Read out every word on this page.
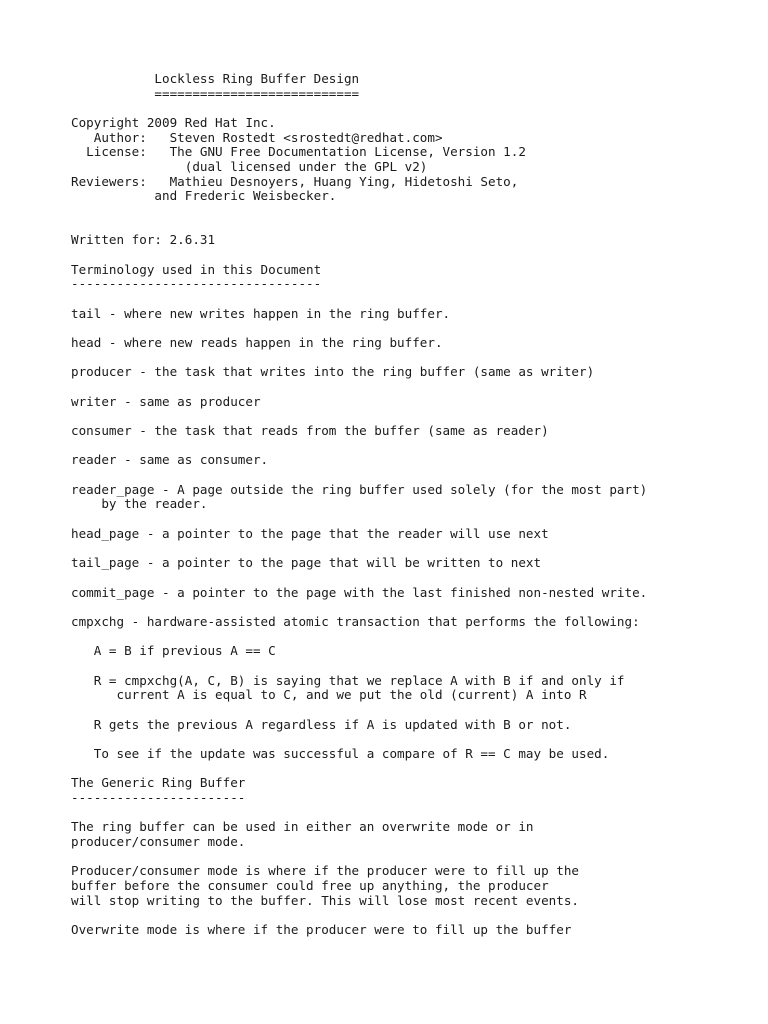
Lockless Ring Buffer Design
===========================
Copyright 2009 Red Hat Inc.
Author:   Steven Rostedt <srostedt@redhat.com>
License:   The GNU Free Documentation License, Version 1.2
(dual licensed under the GPL v2)
Reviewers:   Mathieu Desnoyers, Huang Ying, Hidetoshi Seto,
and Frederic Weisbecker.
Written for: 2.6.31
Terminology used in this Document
---------------------------------
tail - where new writes happen in the ring buffer.
head - where new reads happen in the ring buffer.
producer - the task that writes into the ring buffer (same as writer)
writer - same as producer
consumer - the task that reads from the buffer (same as reader)
reader - same as consumer.
reader_page - A page outside the ring buffer used solely (for the most part)
by the reader.
head_page - a pointer to the page that the reader will use next
tail_page - a pointer to the page that will be written to next
commit_page - a pointer to the page with the last finished non-nested write.
cmpxchg - hardware-assisted atomic transaction that performs the following:
A = B if previous A == C
R = cmpxchg(A, C, B) is saying that we replace A with B if and only if
current A is equal to C, and we put the old (current) A into R
R gets the previous A regardless if A is updated with B or not.
To see if the update was successful a compare of R == C may be used.
The Generic Ring Buffer
-----------------------
The ring buffer can be used in either an overwrite mode or in
producer/consumer mode.
Producer/consumer mode is where if the producer were to fill up the
buffer before the consumer could free up anything, the producer
will stop writing to the buffer. This will lose most recent events.
Overwrite mode is where if the producer were to fill up the buffer
